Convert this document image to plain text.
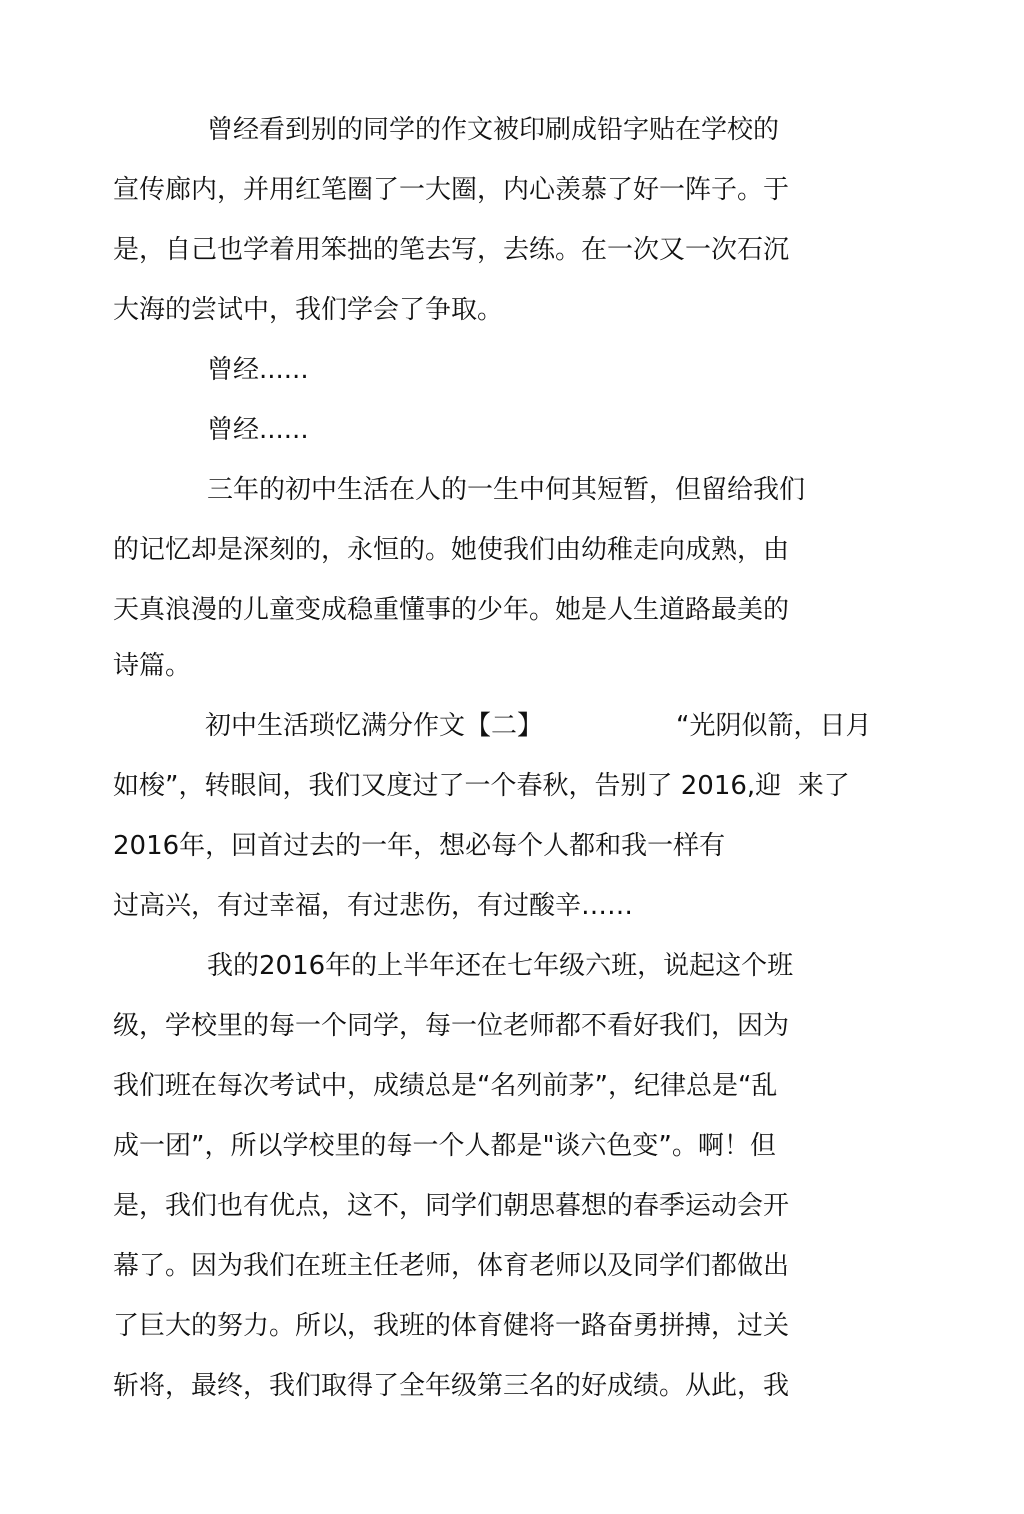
曾经看到别的同学的作文被印刷成铅字贴在学校的
宣传廊内，并用红笔圈了一大圈，内心羡慕了好一阵子。于
是，自己也学着用笨拙的笔去写，去练。在一次又一次石沉
大海的尝试中，我们学会了争取。
曾经......
曾经......
三年的初中生活在人的一生中何其短暂，但留给我们
的记忆却是深刻的，永恒的。她使我们由幼稚走向成熟，由
天真浪漫的儿童变成稳重懂事的少年。她是人生道路最美的
诗篇。
初中生活琐忆满分作文【二】	“光阴似箭，日月
如梭”，转眼间，我们又度过了一个春秋，告别了 2016,迎  来了
2016年，回首过去的一年，想必每个人都和我一样有
过高兴，有过幸福，有过悲伤，有过酸辛……
我的2016年的上半年还在七年级六班，说起这个班
级，学校里的每一个同学，每一位老师都不看好我们，因为
我们班在每次考试中，成绩总是“名列前茅”，纪律总是“乱
成一团”，所以学校里的每一个人都是"谈六色变”。啊！但
是，我们也有优点，这不，同学们朝思暮想的春季运动会开
幕了。因为我们在班主任老师，体育老师以及同学们都做出
了巨大的努力。所以，我班的体育健将一路奋勇拼搏，过关
斩将，最终，我们取得了全年级第三名的好成绩。从此，我
